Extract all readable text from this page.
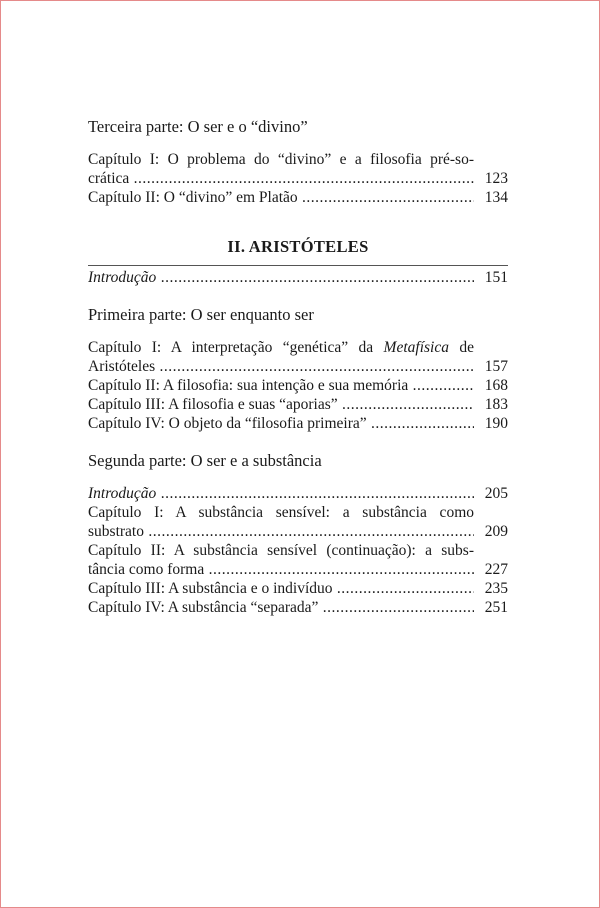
Terceira parte: O ser e o “divino”
Capítulo I: O problema do “divino” e a filosofia pré-so-
crática .....	123
Capítulo II: O “divino” em Platão .....	134
II. ARISTÓTELES
Introdução .....	151
Primeira parte: O ser enquanto ser
Capítulo I: A interpretação “genética” da Metafísica de
Aristóteles .....	157
Capítulo II: A filosofia: sua intenção e sua memória .....	168
Capítulo III: A filosofia e suas “aporias” .....	183
Capítulo IV: O objeto da “filosofia primeira” .....	190
Segunda parte: O ser e a substância
Introdução .....	205
Capítulo I: A substância sensível: a substância como
substrato .....	209
Capítulo II: A substância sensível (continuação): a subs-
tância como forma .....	227
Capítulo III: A substância e o indivíduo .....	235
Capítulo IV: A substância “separada” .....	251
